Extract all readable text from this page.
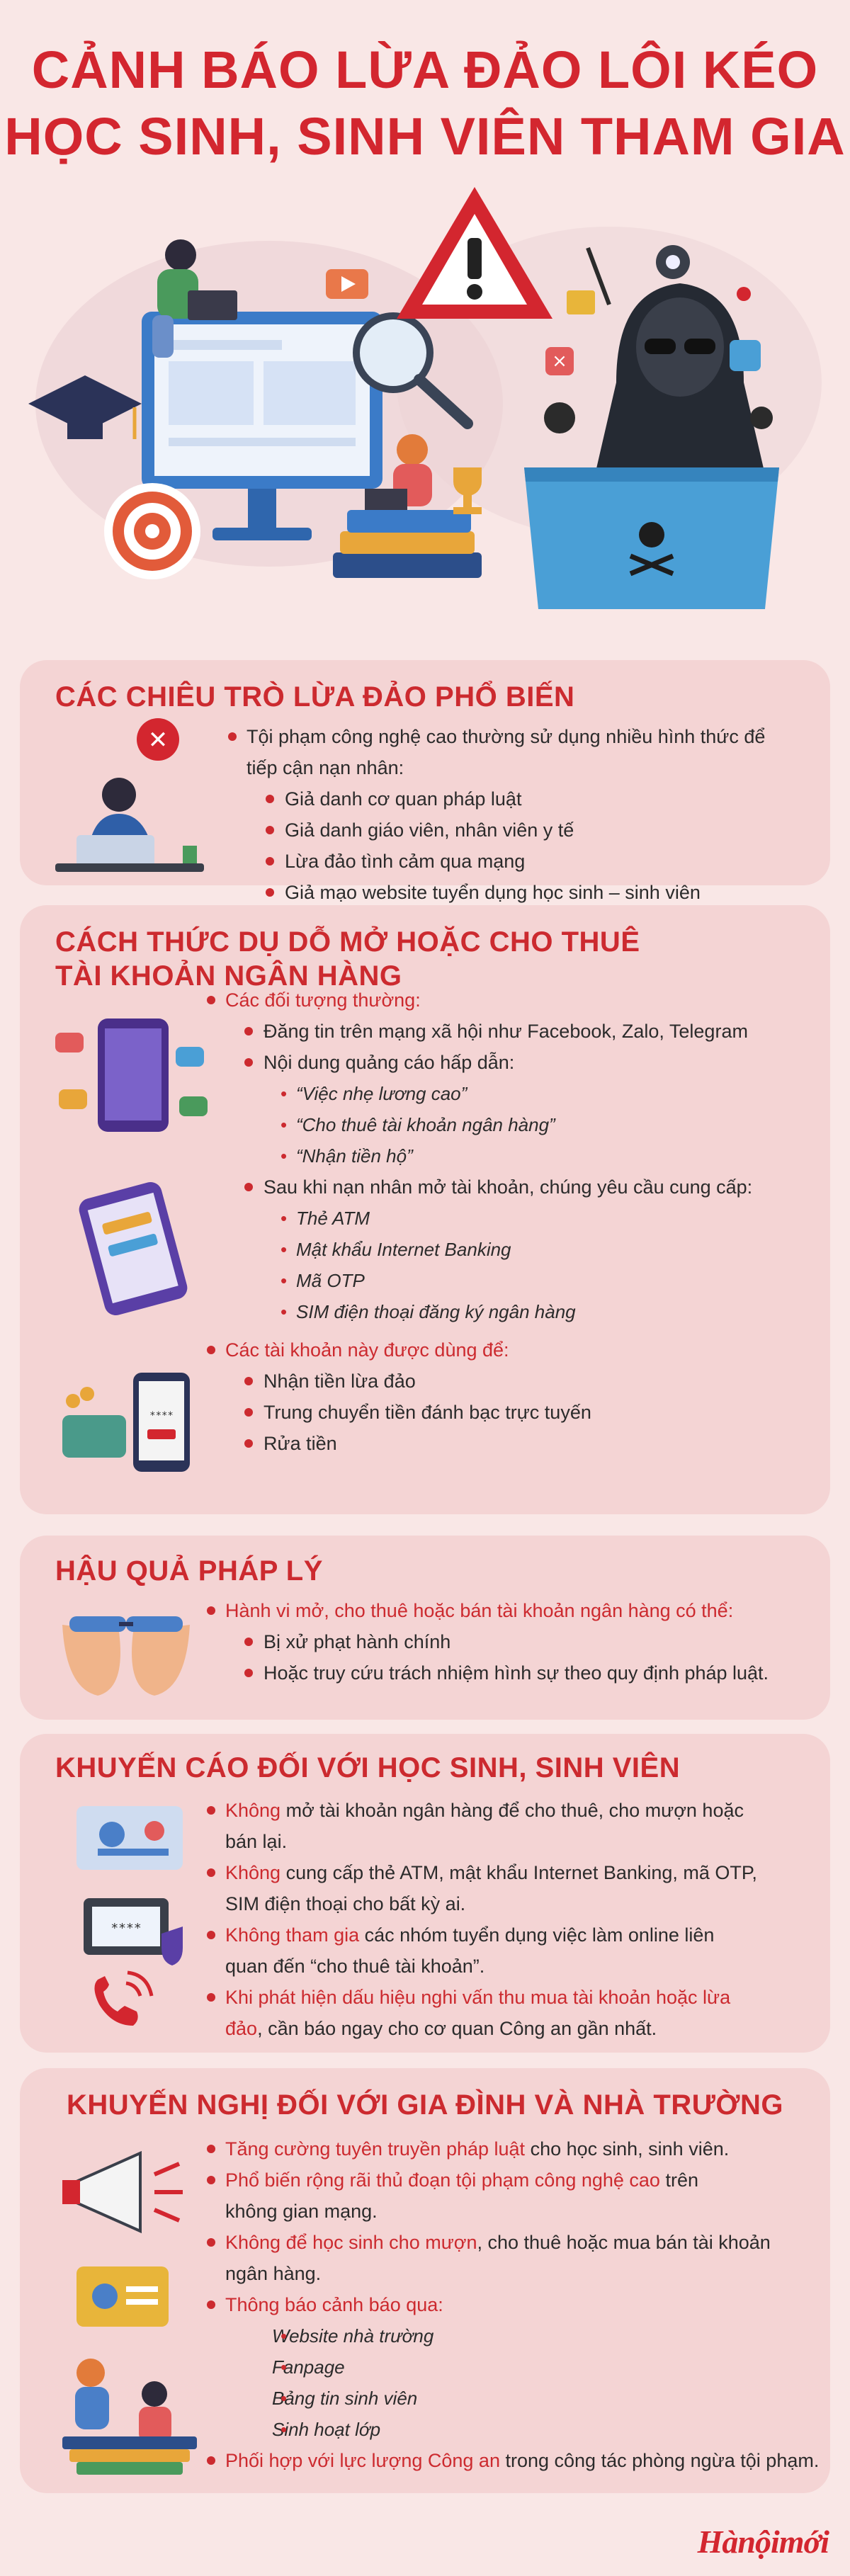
CẢNH BÁO LỪA ĐẢO LÔI KÉO
HỌC SINH, SINH VIÊN THAM GIA
×
CÁC CHIÊU TRÒ LỪA ĐẢO PHỔ BIẾN
✕	Tội phạm công nghệ cao thường sử dụng nhiều hình thức để
tiếp cận nạn nhân:
Giả danh cơ quan pháp luật
Giả danh giáo viên, nhân viên y tế
Lừa đảo tình cảm qua mạng
Giả mạo website tuyển dụng học sinh – sinh viên
CÁCH THỨC DỤ DỖ MỞ HOẶC CHO THUÊ
TÀI KHOẢN NGÂN HÀNG
****
Các đối tượng thường:
Đăng tin trên mạng xã hội như Facebook, Zalo, Telegram
Nội dung quảng cáo hấp dẫn:
• “Việc nhẹ lương cao”
• “Cho thuê tài khoản ngân hàng”
• “Nhận tiền hộ”
Sau khi nạn nhân mở tài khoản, chúng yêu cầu cung cấp:
• Thẻ ATM
• Mật khẩu Internet Banking
• Mã OTP
• SIM điện thoại đăng ký ngân hàng
Các tài khoản này được dùng để:
Nhận tiền lừa đảo
Trung chuyển tiền đánh bạc trực tuyến
Rửa tiền
HẬU QUẢ PHÁP LÝ
Hành vi mở, cho thuê hoặc bán tài khoản ngân hàng có thể:
Bị xử phạt hành chính
Hoặc truy cứu trách nhiệm hình sự theo quy định pháp luật.
KHUYẾN CÁO ĐỐI VỚI HỌC SINH, SINH VIÊN
****
Không mở tài khoản ngân hàng để cho thuê, cho mượn hoặc
bán lại.
Không cung cấp thẻ ATM, mật khẩu Internet Banking, mã OTP,
SIM điện thoại cho bất kỳ ai.
Không tham gia các nhóm tuyển dụng việc làm online liên
quan đến “cho thuê tài khoản”.
Khi phát hiện dấu hiệu nghi vấn thu mua tài khoản hoặc lừa
đảo, cần báo ngay cho cơ quan Công an gần nhất.
KHUYẾN NGHỊ ĐỐI VỚI GIA ĐÌNH VÀ NHÀ TRƯỜNG
Tăng cường tuyên truyền pháp luật cho học sinh, sinh viên.
Phổ biến rộng rãi thủ đoạn tội phạm công nghệ cao trên
không gian mạng.
Không để học sinh cho mượn, cho thuê hoặc mua bán tài khoản
ngân hàng.
Thông báo cảnh báo qua:
• Website nhà trường
• Fanpage
• Bảng tin sinh viên
• Sinh hoạt lớp
Phối hợp với lực lượng Công an trong công tác phòng ngừa tội phạm.
Hànộimới
